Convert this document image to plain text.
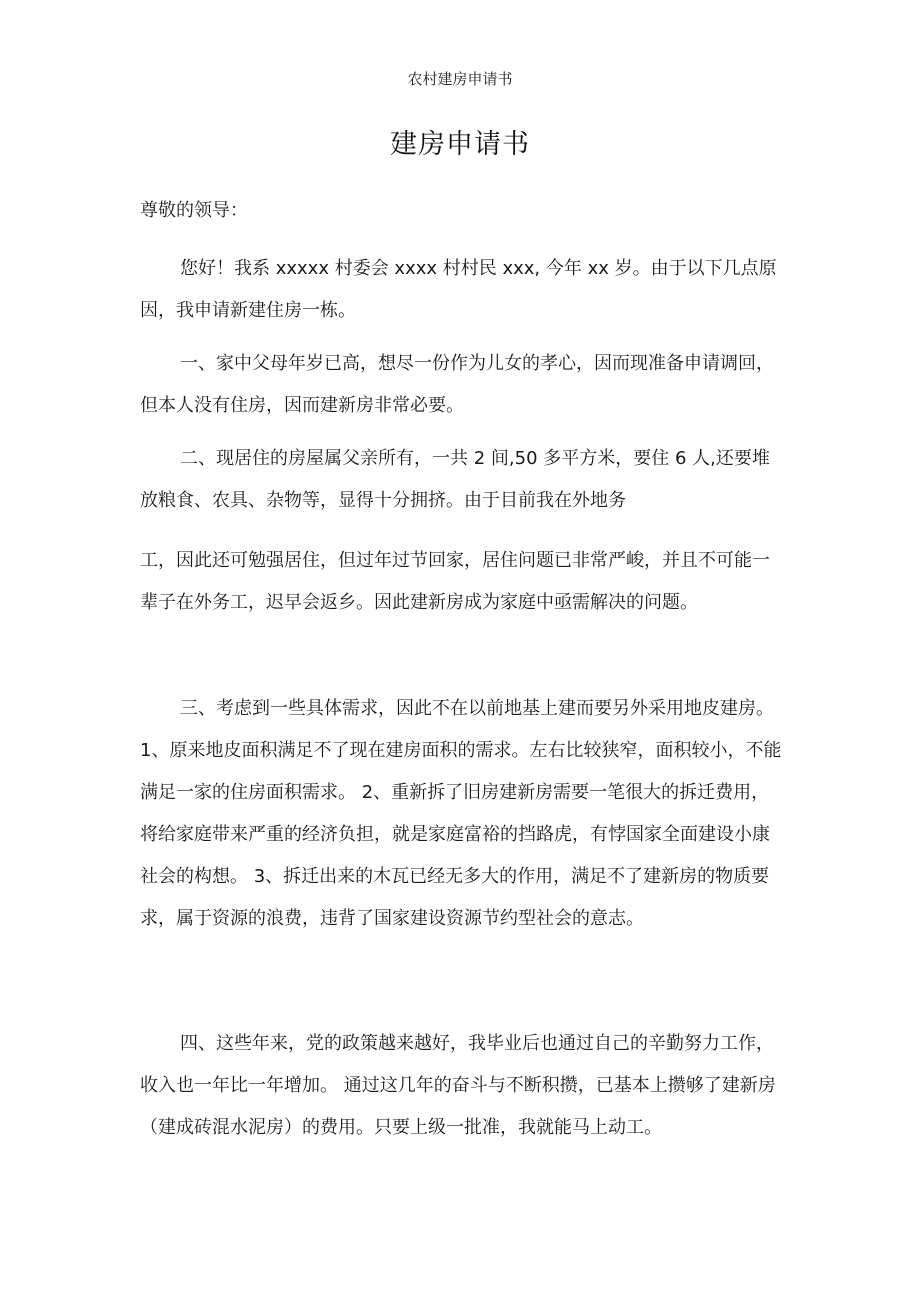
农村建房申请书
建房申请书

尊敬的领导：

您好！我系 xxxxx 村委会 xxxx 村村民 xxx, 今年 xx 岁。由于以下几点原因，我申请新建住房一栋。

一、家中父母年岁已高，想尽一份作为儿女的孝心，因而现准备申请调回，但本人没有住房，因而建新房非常必要。

二、现居住的房屋属父亲所有，一共 2 间,50 多平方米，要住 6 人,还要堆放粮食、农具、杂物等，显得十分拥挤。由于目前我在外地务

工，因此还可勉强居住，但过年过节回家，居住问题已非常严峻，并且不可能一辈子在外务工，迟早会返乡。因此建新房成为家庭中亟需解决的问题。

三、考虑到一些具体需求，因此不在以前地基上建而要另外采用地皮建房。 1、原来地皮面积满足不了现在建房面积的需求。左右比较狭窄，面积较小，不能满足一家的住房面积需求。 2、重新拆了旧房建新房需要一笔很大的拆迁费用，将给家庭带来严重的经济负担，就是家庭富裕的挡路虎，有悖国家全面建设小康社会的构想。 3、拆迁出来的木瓦已经无多大的作用，满足不了建新房的物质要求，属于资源的浪费，违背了国家建设资源节约型社会的意志。

四、这些年来，党的政策越来越好，我毕业后也通过自己的辛勤努力工作，收入也一年比一年增加。 通过这几年的奋斗与不断积攒，已基本上攒够了建新房（建成砖混水泥房）的费用。只要上级一批准，我就能马上动工。
